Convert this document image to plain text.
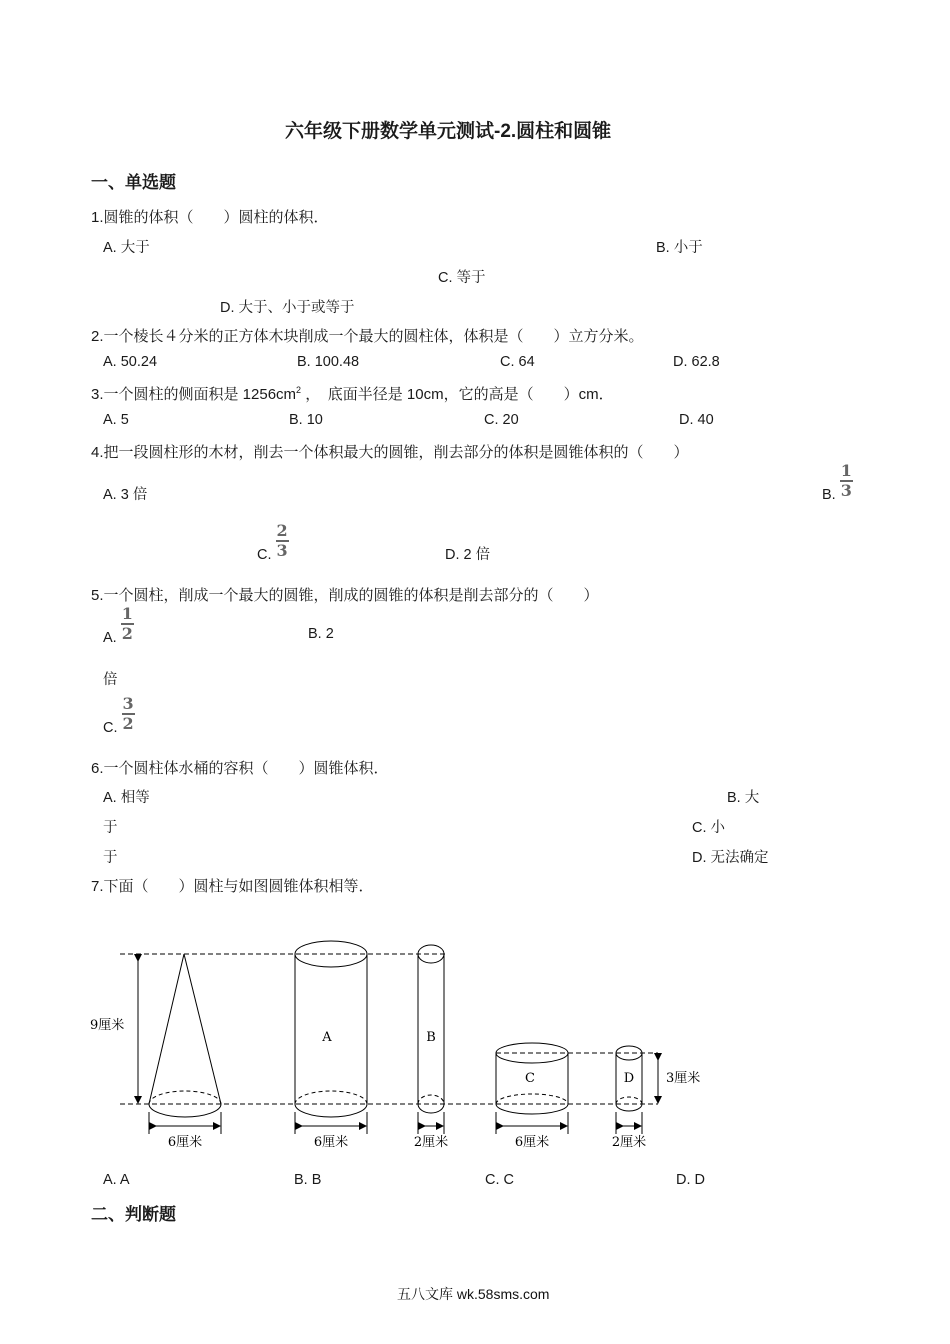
六年级下册数学单元测试-2.圆柱和圆锥
一、单选题
1.圆锥的体积（　　）圆柱的体积．
A. 大于	B. 小于
C. 等于
D. 大于、小于或等于
2.一个棱长４分米的正方体木块削成一个最大的圆柱体，体积是（　　）立方分米。
A. 50.24	B. 100.48	C. 64	D. 62.8
3.一个圆柱的侧面积是 $1256cm^2$ ，　底面半径是 10cm，它的高是（　　）cm．
A. 5	B. 10	C. 20	D. 40
4.把一段圆柱形的木材，削去一个体积最大的圆锥，削去部分的体积是圆锥体积的（　　）
A. 3 倍	B. $\frac{1}{3}$
C. $\frac{2}{3}$	D. 2 倍
5.一个圆柱，削成一个最大的圆锥，削成的圆锥的体积是削去部分的（　　）
A. $\frac{1}{2}$	B. 2
倍
C. $\frac{3}{2}$
6.一个圆柱体水桶的容积（　　）圆锥体积．
A. 相等	B. 大
于	C. 小
于	D. 无法确定
7.下面（　　）圆柱与如图圆锥体积相等．
9厘米
6厘米
A
6厘米
B
2厘米
C
6厘米
D
2厘米
3厘米
A. A	B. B	C. C	D. D
二、判断题
五八文库 wk.58sms.com
